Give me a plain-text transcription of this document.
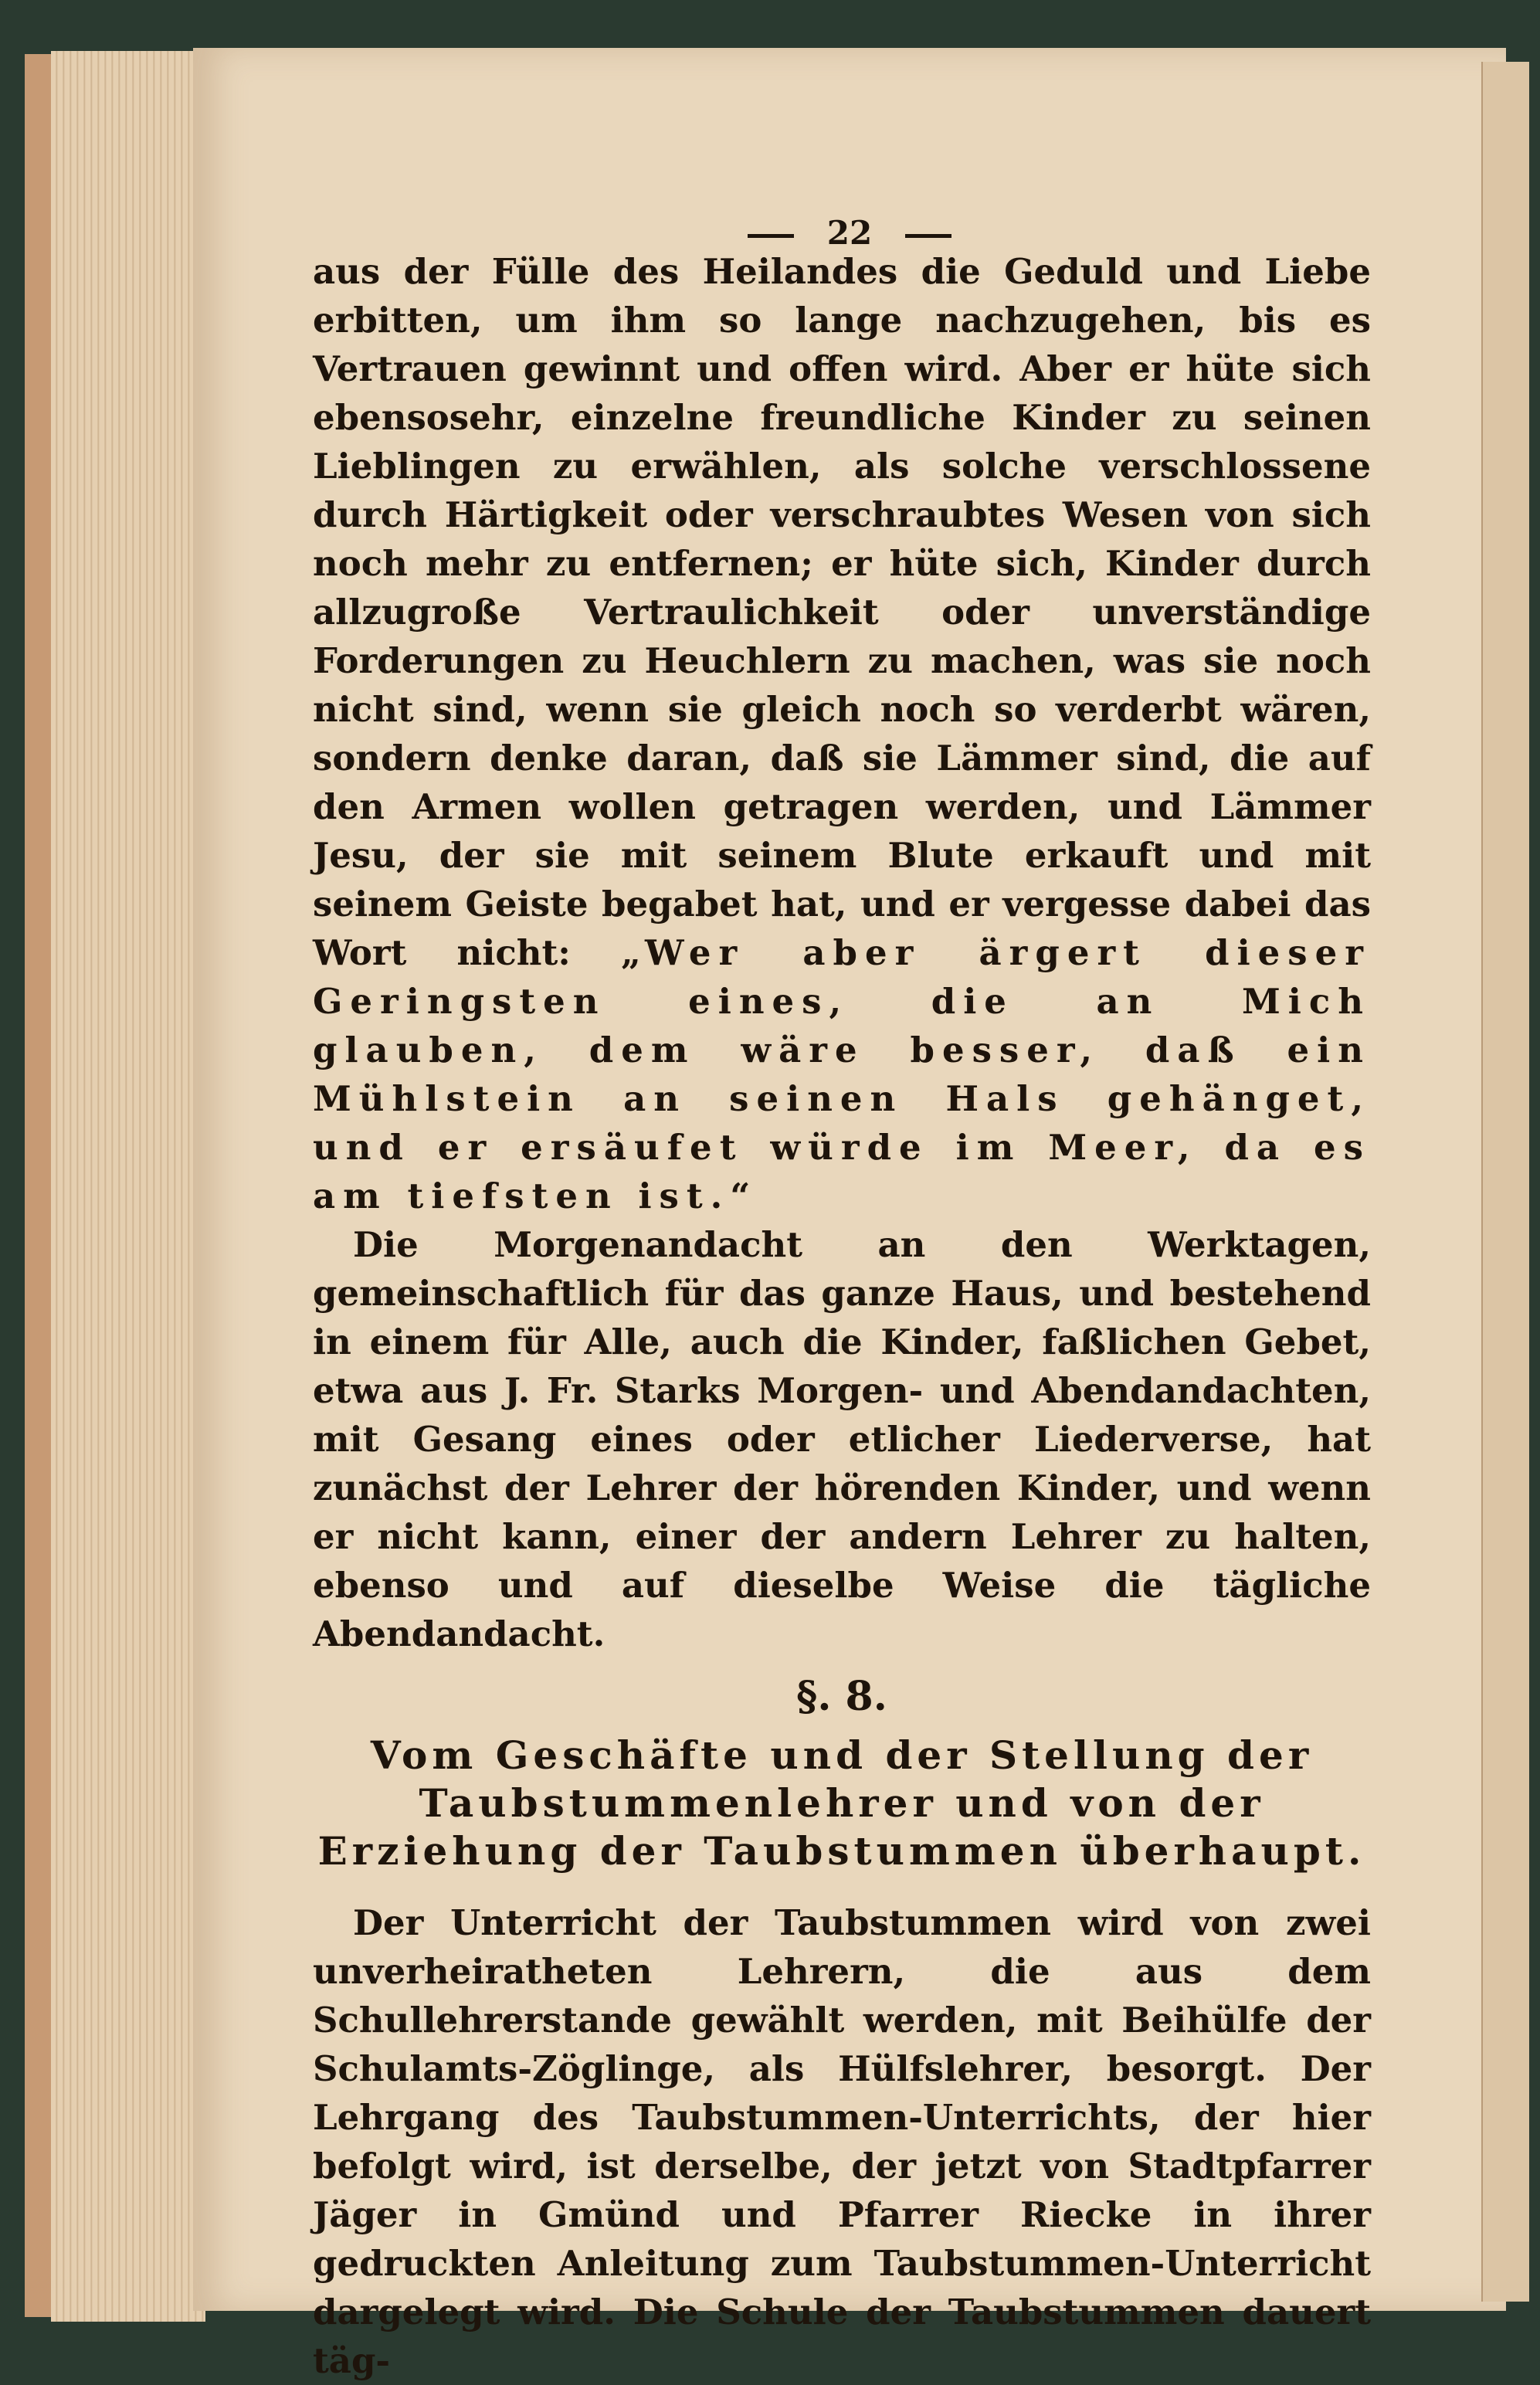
22

aus der Fülle des Heilandes die Geduld und Liebe erbitten, um ihm so lange nachzugehen, bis es Vertrauen gewinnt und offen wird. Aber er hüte sich ebensosehr, einzelne freundliche Kinder zu seinen Lieblingen zu erwählen, als solche verschlossene durch Härtigkeit oder verschraubtes Wesen von sich noch mehr zu entfernen; er hüte sich, Kinder durch allzugroße Vertraulichkeit oder unverständige Forderungen zu Heuchlern zu machen, was sie noch nicht sind, wenn sie gleich noch so verderbt wären, sondern denke daran, daß sie Lämmer sind, die auf den Armen wollen getragen werden, und Lämmer Jesu, der sie mit seinem Blute erkauft und mit seinem Geiste begabet hat, und er vergesse dabei das Wort nicht: „Wer aber ärgert dieser Geringsten eines, die an Mich glauben, dem wäre besser, daß ein Mühlstein an seinen Hals gehänget, und er ersäufet würde im Meer, da es am tiefsten ist.“

Die Morgenandacht an den Werktagen, gemeinschaftlich für das ganze Haus, und bestehend in einem für Alle, auch die Kinder, faßlichen Gebet, etwa aus J. Fr. Starks Morgen- und Abendandachten, mit Gesang eines oder etlicher Liederverse, hat zunächst der Lehrer der hörenden Kinder, und wenn er nicht kann, einer der andern Lehrer zu halten, ebenso und auf dieselbe Weise die tägliche Abendandacht.

§. 8.
Vom Geschäfte und der Stellung der Taubstummenlehrer und von der Erziehung der Taubstummen überhaupt.

Der Unterricht der Taubstummen wird von zwei unverheiratheten Lehrern, die aus dem Schullehrerstande gewählt werden, mit Beihülfe der Schulamts-Zöglinge, als Hülfslehrer, besorgt. Der Lehrgang des Taubstummen-Unterrichts, der hier befolgt wird, ist derselbe, der jetzt von Stadtpfarrer Jäger in Gmünd und Pfarrer Riecke in ihrer gedruckten Anleitung zum Taubstummen-Unterricht dargelegt wird. Die Schule der Taubstummen dauert täg-
